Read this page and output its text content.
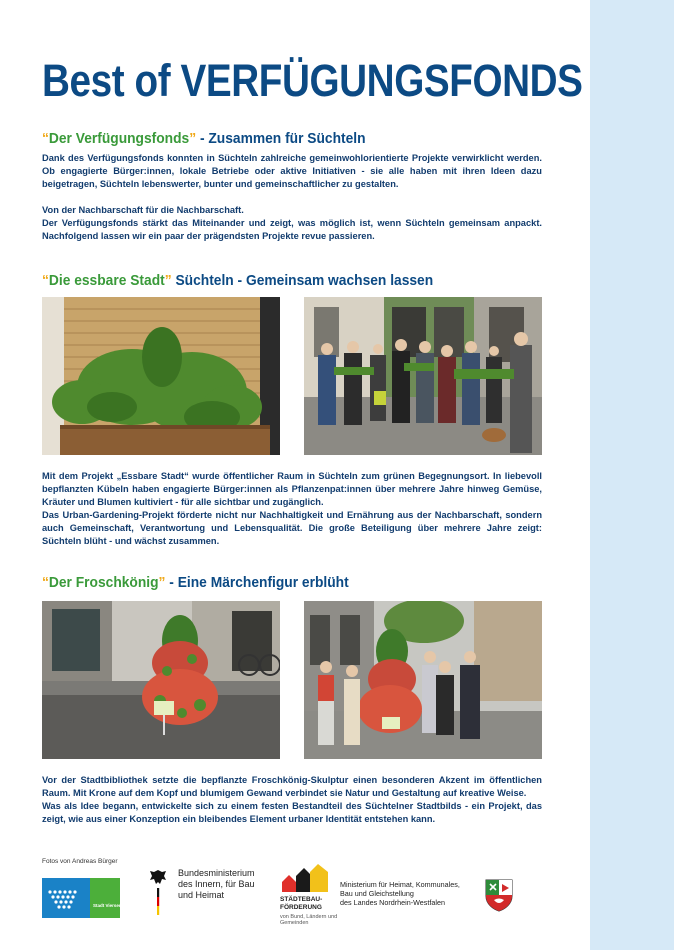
Best of VERFÜGUNGSFONDS
“Der Verfügungsfonds” - Zusammen für Süchteln

Dank des Verfügungsfonds konnten in Süchteln zahlreiche gemeinwohlorientierte Projekte verwirklicht werden. Ob engagierte Bürger:innen, lokale Betriebe oder aktive Initiativen - sie alle haben mit ihren Ideen dazu beigetragen, Süchteln lebenswerter, bunter und gemeinschaftlicher zu gestalten.

Von der Nachbarschaft für die Nachbarschaft.

Der Verfügungsfonds stärkt das Miteinander und zeigt, was möglich ist, wenn Süchteln gemeinsam anpackt. Nachfolgend lassen wir ein paar der prägendsten Projekte revue passieren.

“Die essbare Stadt” Süchteln - Gemeinsam wachsen lassen

Mit dem Projekt „Essbare Stadt“ wurde öffentlicher Raum in Süchteln zum grünen Begegnungsort. In liebevoll bepflanzten Kübeln haben engagierte Bürger:innen als Pflanzenpat:innen über mehrere Jahre hinweg Gemüse, Kräuter und Blumen kultiviert - für alle sichtbar und zugänglich.

Das Urban-Gardening-Projekt förderte nicht nur Nachhaltigkeit und Ernährung aus der Nachbarschaft, sondern auch Gemeinschaft, Verantwortung und Lebensqualität. Die große Beteiligung über mehrere Jahre zeigt: Süchteln blüht - und wächst zusammen.

“Der Froschkönig” - Eine Märchenfigur erblüht

Vor der Stadtbibliothek setzte die bepflanzte Froschkönig-Skulptur einen besonderen Akzent im öffentlichen Raum. Mit Krone auf dem Kopf und blumigem Gewand verbindet sie Natur und Gestaltung auf kreative Weise.

Was als Idee begann, entwickelte sich zu einem festen Bestandteil des Süchtelner Stadtbilds - ein Projekt, das zeigt, wie aus einer Konzeption ein bleibendes Element urbaner Identität entstehen kann.

Fotos von Andreas Bürger
Stadt Viersen
Bundesministerium
des Innern, für Bau
und Heimat	STÄDTEBAU-
FÖRDERUNG
von Bund, Ländern und
Gemeinden
Ministerium für Heimat, Kommunales,
Bau und Gleichstellung
des Landes Nordrhein-Westfalen
